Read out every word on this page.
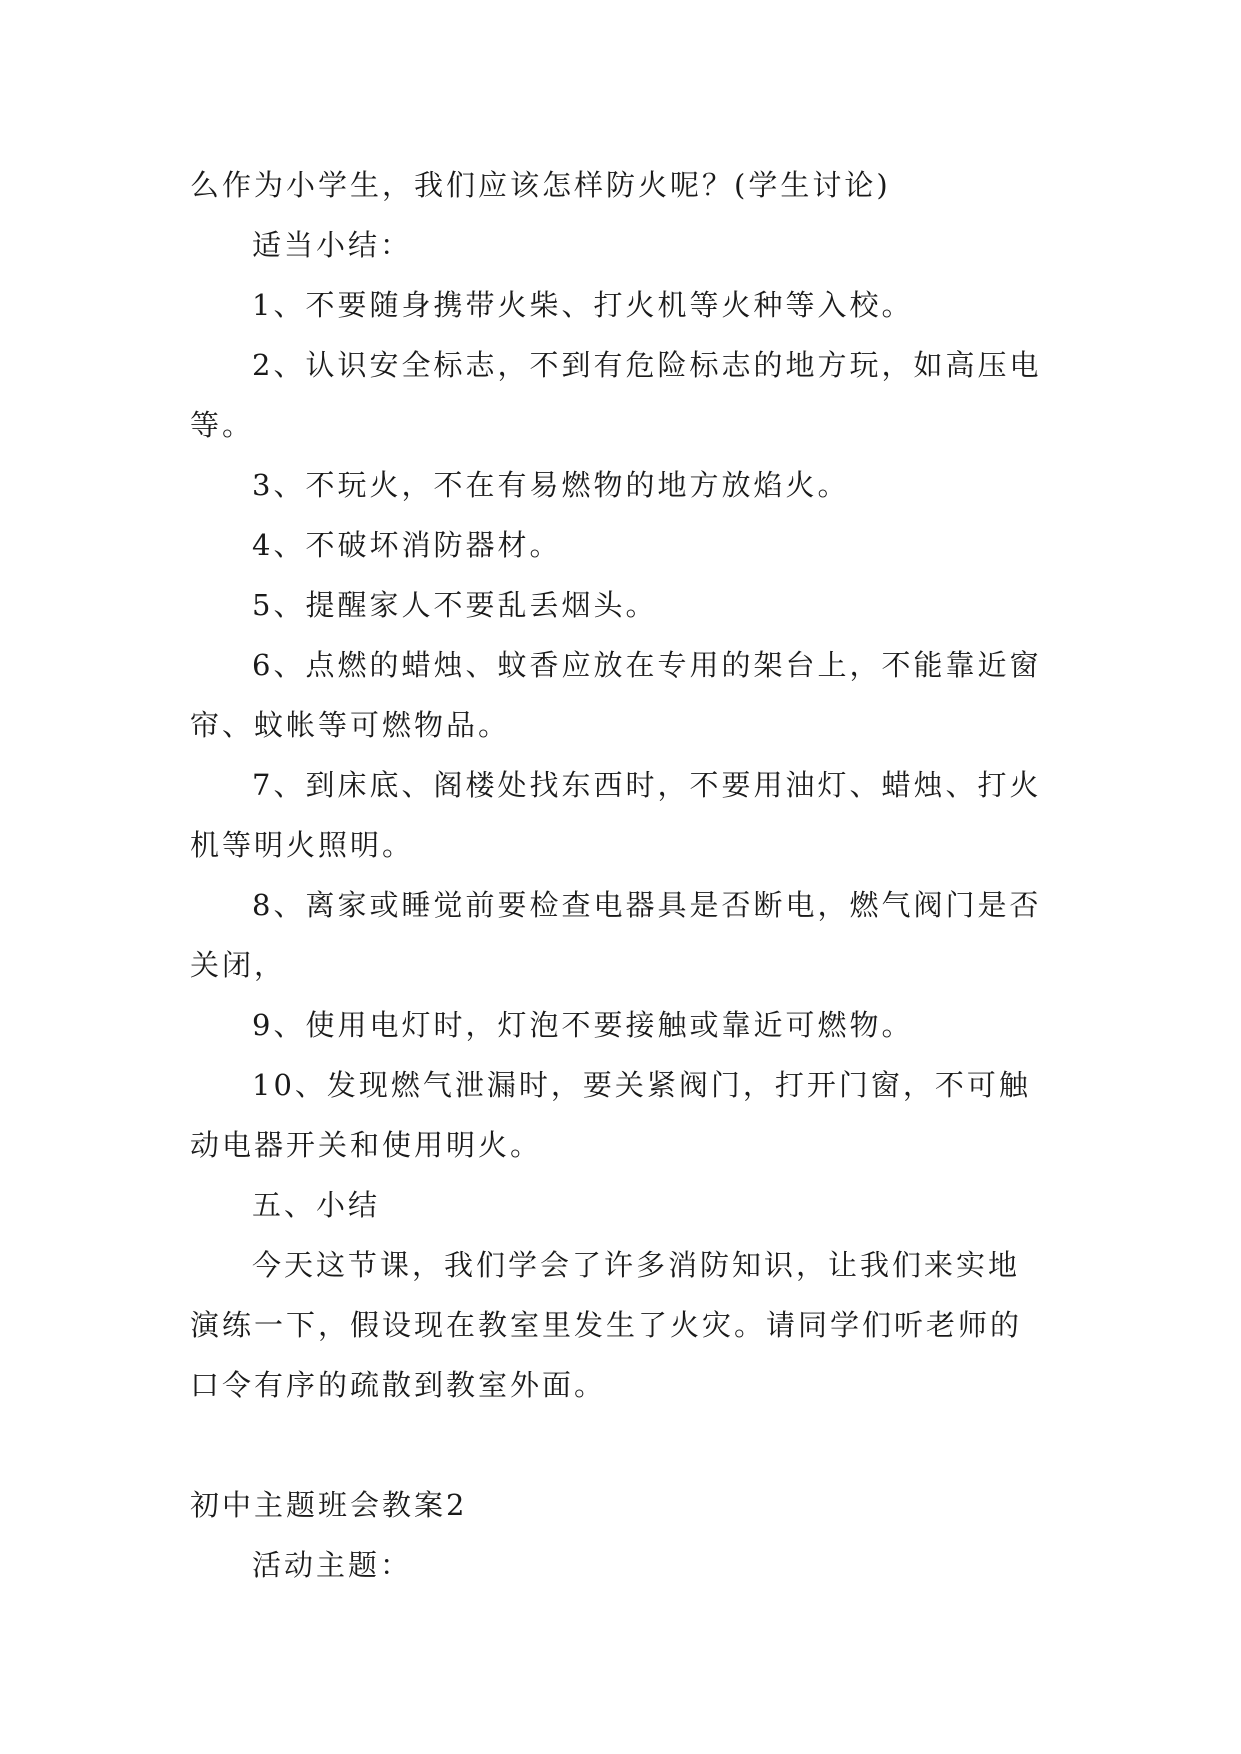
么作为小学生，我们应该怎样防火呢？(学生讨论)

适当小结：

1、不要随身携带火柴、打火机等火种等入校。

2、认识安全标志，不到有危险标志的地方玩，如高压电等。

3、不玩火，不在有易燃物的地方放焰火。

4、不破坏消防器材。

5、提醒家人不要乱丢烟头。

6、点燃的蜡烛、蚊香应放在专用的架台上，不能靠近窗帘、蚊帐等可燃物品。

7、到床底、阁楼处找东西时，不要用油灯、蜡烛、打火机等明火照明。

8、离家或睡觉前要检查电器具是否断电，燃气阀门是否关闭，

9、使用电灯时，灯泡不要接触或靠近可燃物。

10、发现燃气泄漏时，要关紧阀门，打开门窗，不可触动电器开关和使用明火。

五、小结

今天这节课，我们学会了许多消防知识，让我们来实地演练一下，假设现在教室里发生了火灾。请同学们听老师的口令有序的疏散到教室外面。

初中主题班会教案2

活动主题：
